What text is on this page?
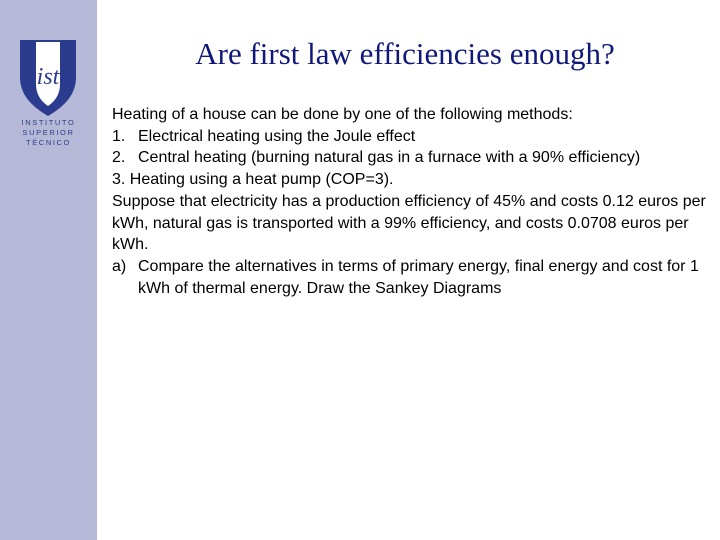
ist
INSTITUTO
SUPERIOR
TÉCNICO
Are first law efficiencies enough?

Heating of a house can be done by one of the following methods:

1. Electrical heating using the Joule effect
2. Central heating (burning natural gas in a furnace with a 90% efficiency)

3. Heating using a heat pump (COP=3).

Suppose that electricity has a production efficiency of 45% and costs 0.12 euros per kWh, natural gas is transported with a 99% efficiency, and costs 0.0708 euros per kWh.

a) Compare the alternatives in terms of primary energy, final energy and cost for 1 kWh of thermal energy. Draw the Sankey Diagrams
